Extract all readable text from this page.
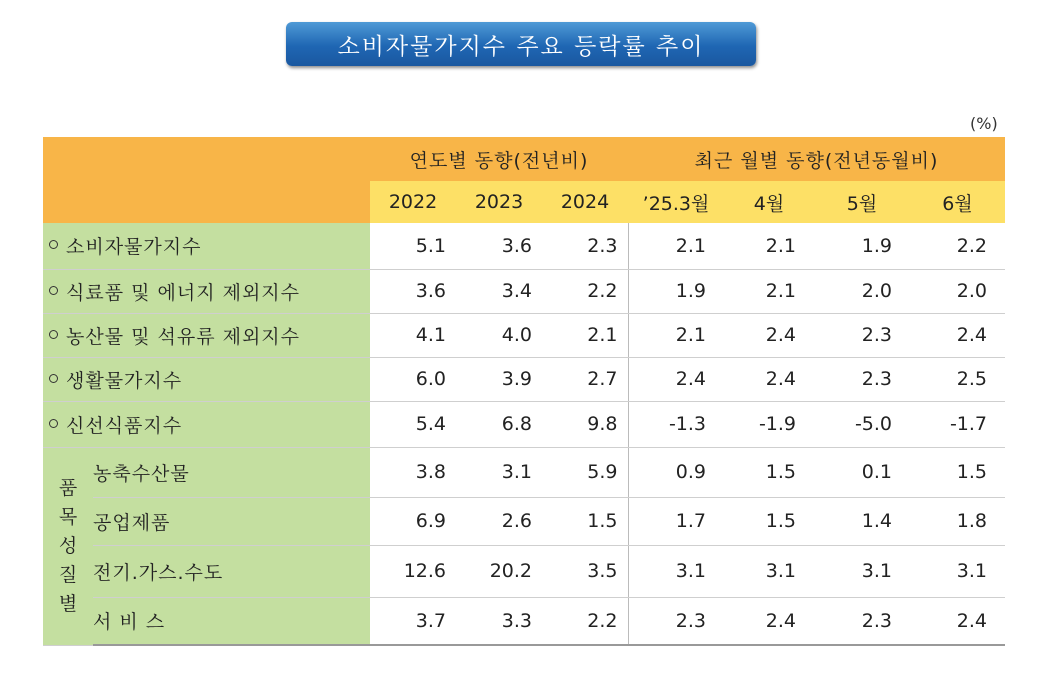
소비자물가지수 주요 등락률 추이
(%)
		연도별 동향(전년비)			최근 월별 동향(전년동월비)			
		2022	2023	2024	’25.3월	4월	5월	6월
소비자물가지수		5.1	3.6	2.3	2.1	2.1	1.9	2.2
식료품 및 에너지 제외지수		3.6	3.4	2.2	1.9	2.1	2.0	2.0
농산물 및 석유류 제외지수		4.1	4.0	2.1	2.1	2.4	2.3	2.4
생활물가지수		6.0	3.9	2.7	2.4	2.4	2.3	2.5
신선식품지수		5.4	6.8	9.8	-1.3	-1.9	-5.0	-1.7

품
목
성
질
별	농축수산물	3.8	3.1	5.9	0.9	1.5	0.1	1.5
	공업제품	6.9	2.6	1.5	1.7	1.5	1.4	1.8
	전기.가스.수도	12.6	20.2	3.5	3.1	3.1	3.1	3.1
	서 비 스	3.7	3.3	2.2	2.3	2.4	2.3	2.4
